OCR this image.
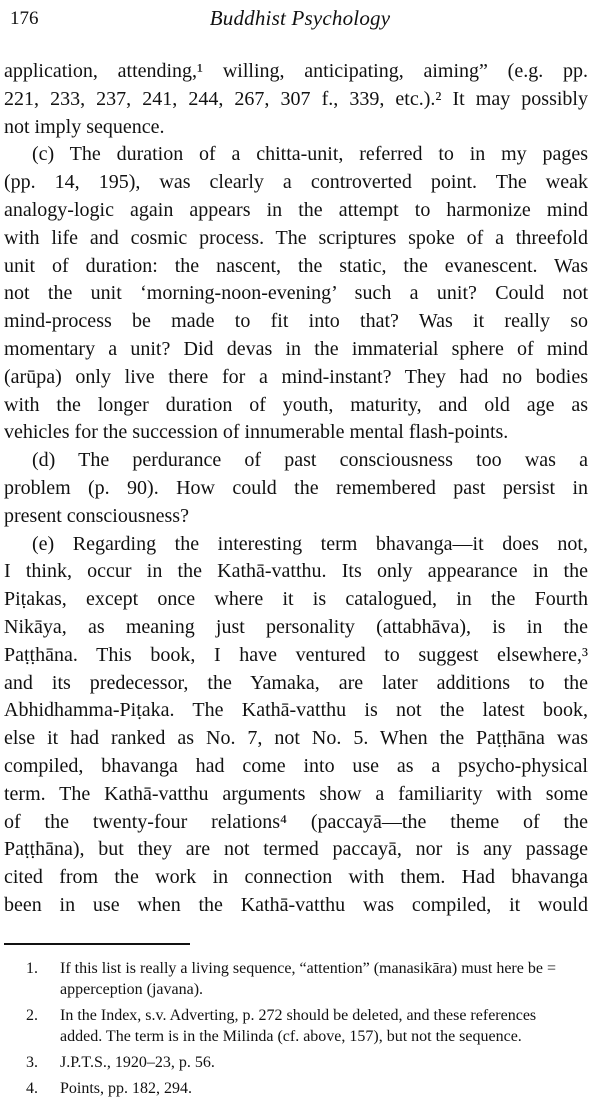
176	Buddhist Psychology
application, attending,¹ willing, anticipating, aiming” (e.g. pp.
221, 233, 237, 241, 244, 267, 307 f., 339, etc.).² It may possibly
not imply sequence.
(c) The duration of a chitta-unit, referred to in my pages
(pp. 14, 195), was clearly a controverted point. The weak
analogy-logic again appears in the attempt to harmonize mind
with life and cosmic process. The scriptures spoke of a threefold
unit of duration: the nascent, the static, the evanescent. Was
not the unit ‘morning-noon-evening’ such a unit? Could not
mind-process be made to fit into that? Was it really so
momentary a unit? Did devas in the immaterial sphere of mind
(arūpa) only live there for a mind-instant? They had no bodies
with the longer duration of youth, maturity, and old age as
vehicles for the succession of innumerable mental flash-points.
(d) The perdurance of past consciousness too was a
problem (p. 90). How could the remembered past persist in
present consciousness?
(e) Regarding the interesting term bhavanga—it does not,
I think, occur in the Kathā-vatthu. Its only appearance in the
Piṭakas, except once where it is catalogued, in the Fourth
Nikāya, as meaning just personality (attabhāva), is in the
Paṭṭhāna. This book, I have ventured to suggest elsewhere,³
and its predecessor, the Yamaka, are later additions to the
Abhidhamma-Piṭaka. The Kathā-vatthu is not the latest book,
else it had ranked as No. 7, not No. 5. When the Paṭṭhāna was
compiled, bhavanga had come into use as a psycho-physical
term. The Kathā-vatthu arguments show a familiarity with some
of the twenty-four relations⁴ (paccayā—the theme of the
Paṭṭhāna), but they are not termed paccayā, nor is any passage
cited from the work in connection with them. Had bhavanga
been in use when the Kathā-vatthu was compiled, it would
1. If this list is really a living sequence, “attention” (manasikāra) must here be =
apperception (javana).
2. In the Index, s.v. Adverting, p. 272 should be deleted, and these references
added. The term is in the Milinda (cf. above, 157), but not the sequence.
3. J.P.T.S., 1920–23, p. 56.
4. Points, pp. 182, 294.
